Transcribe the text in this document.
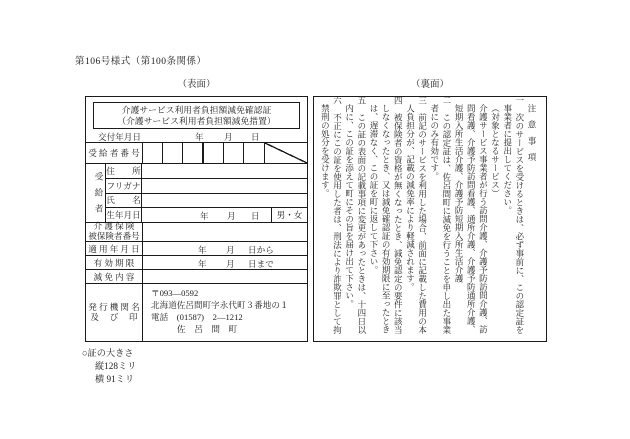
第106号様式（第100条関係）
（表面）	（裏面）
介護サービス利用者負担額減免確認証
（介護サービス利用者負担額減免措置）
交付年月日	年 月 日
受 給 者 番 号
受給者
住　　所
フリガナ
氏　　名
生年月日	年 月 日	男・女
介 護 保 険
被保険者番号
適 用 年 月 日	年 月 日から
有 効 期 限	年 月 日まで
減 免 内 容
発 行 機 関 名
及　 び 　印
〒093―0592
北海道佐呂間町字永代町３番地の１
電話　(01587)　2―1212
佐　呂　間　町

注意事項

一　次のサービスを受けるときは、必ず事前に、この認定証を事業者に提出してください。

（対象となるサービス）

介護サービス事業者が行う訪問介護、介護予防訪問介護、訪問看護、介護予防訪問看護、通所介護、介護予防通所介護、短期入所生活介護、介護予防短期入所生活介護

二　この認定証は、佐呂間町に減免を行うことを申し出た事業者にのみ有効です。

三　前記のサービスを利用した場合、前面に記載した費用の本人負担分が、記載の減免率により軽減されます。

四　被保険者の資格が無くなったとき、減免認定の要件に該当しなくなったとき、又は減免確認証の有効期限に至ったときは、遅滞なく、この証を町に返して下さい。

五　この証の表面の記載事項に変更があったときは、十四日以内に、この証を添えて町にその旨を届け出て下さい。

六　不正にこの証を使用した者は、刑法により詐欺罪として拘禁刑の処分を受けます。

○証の大きさ
縦128ミリ
横 91ミリ
